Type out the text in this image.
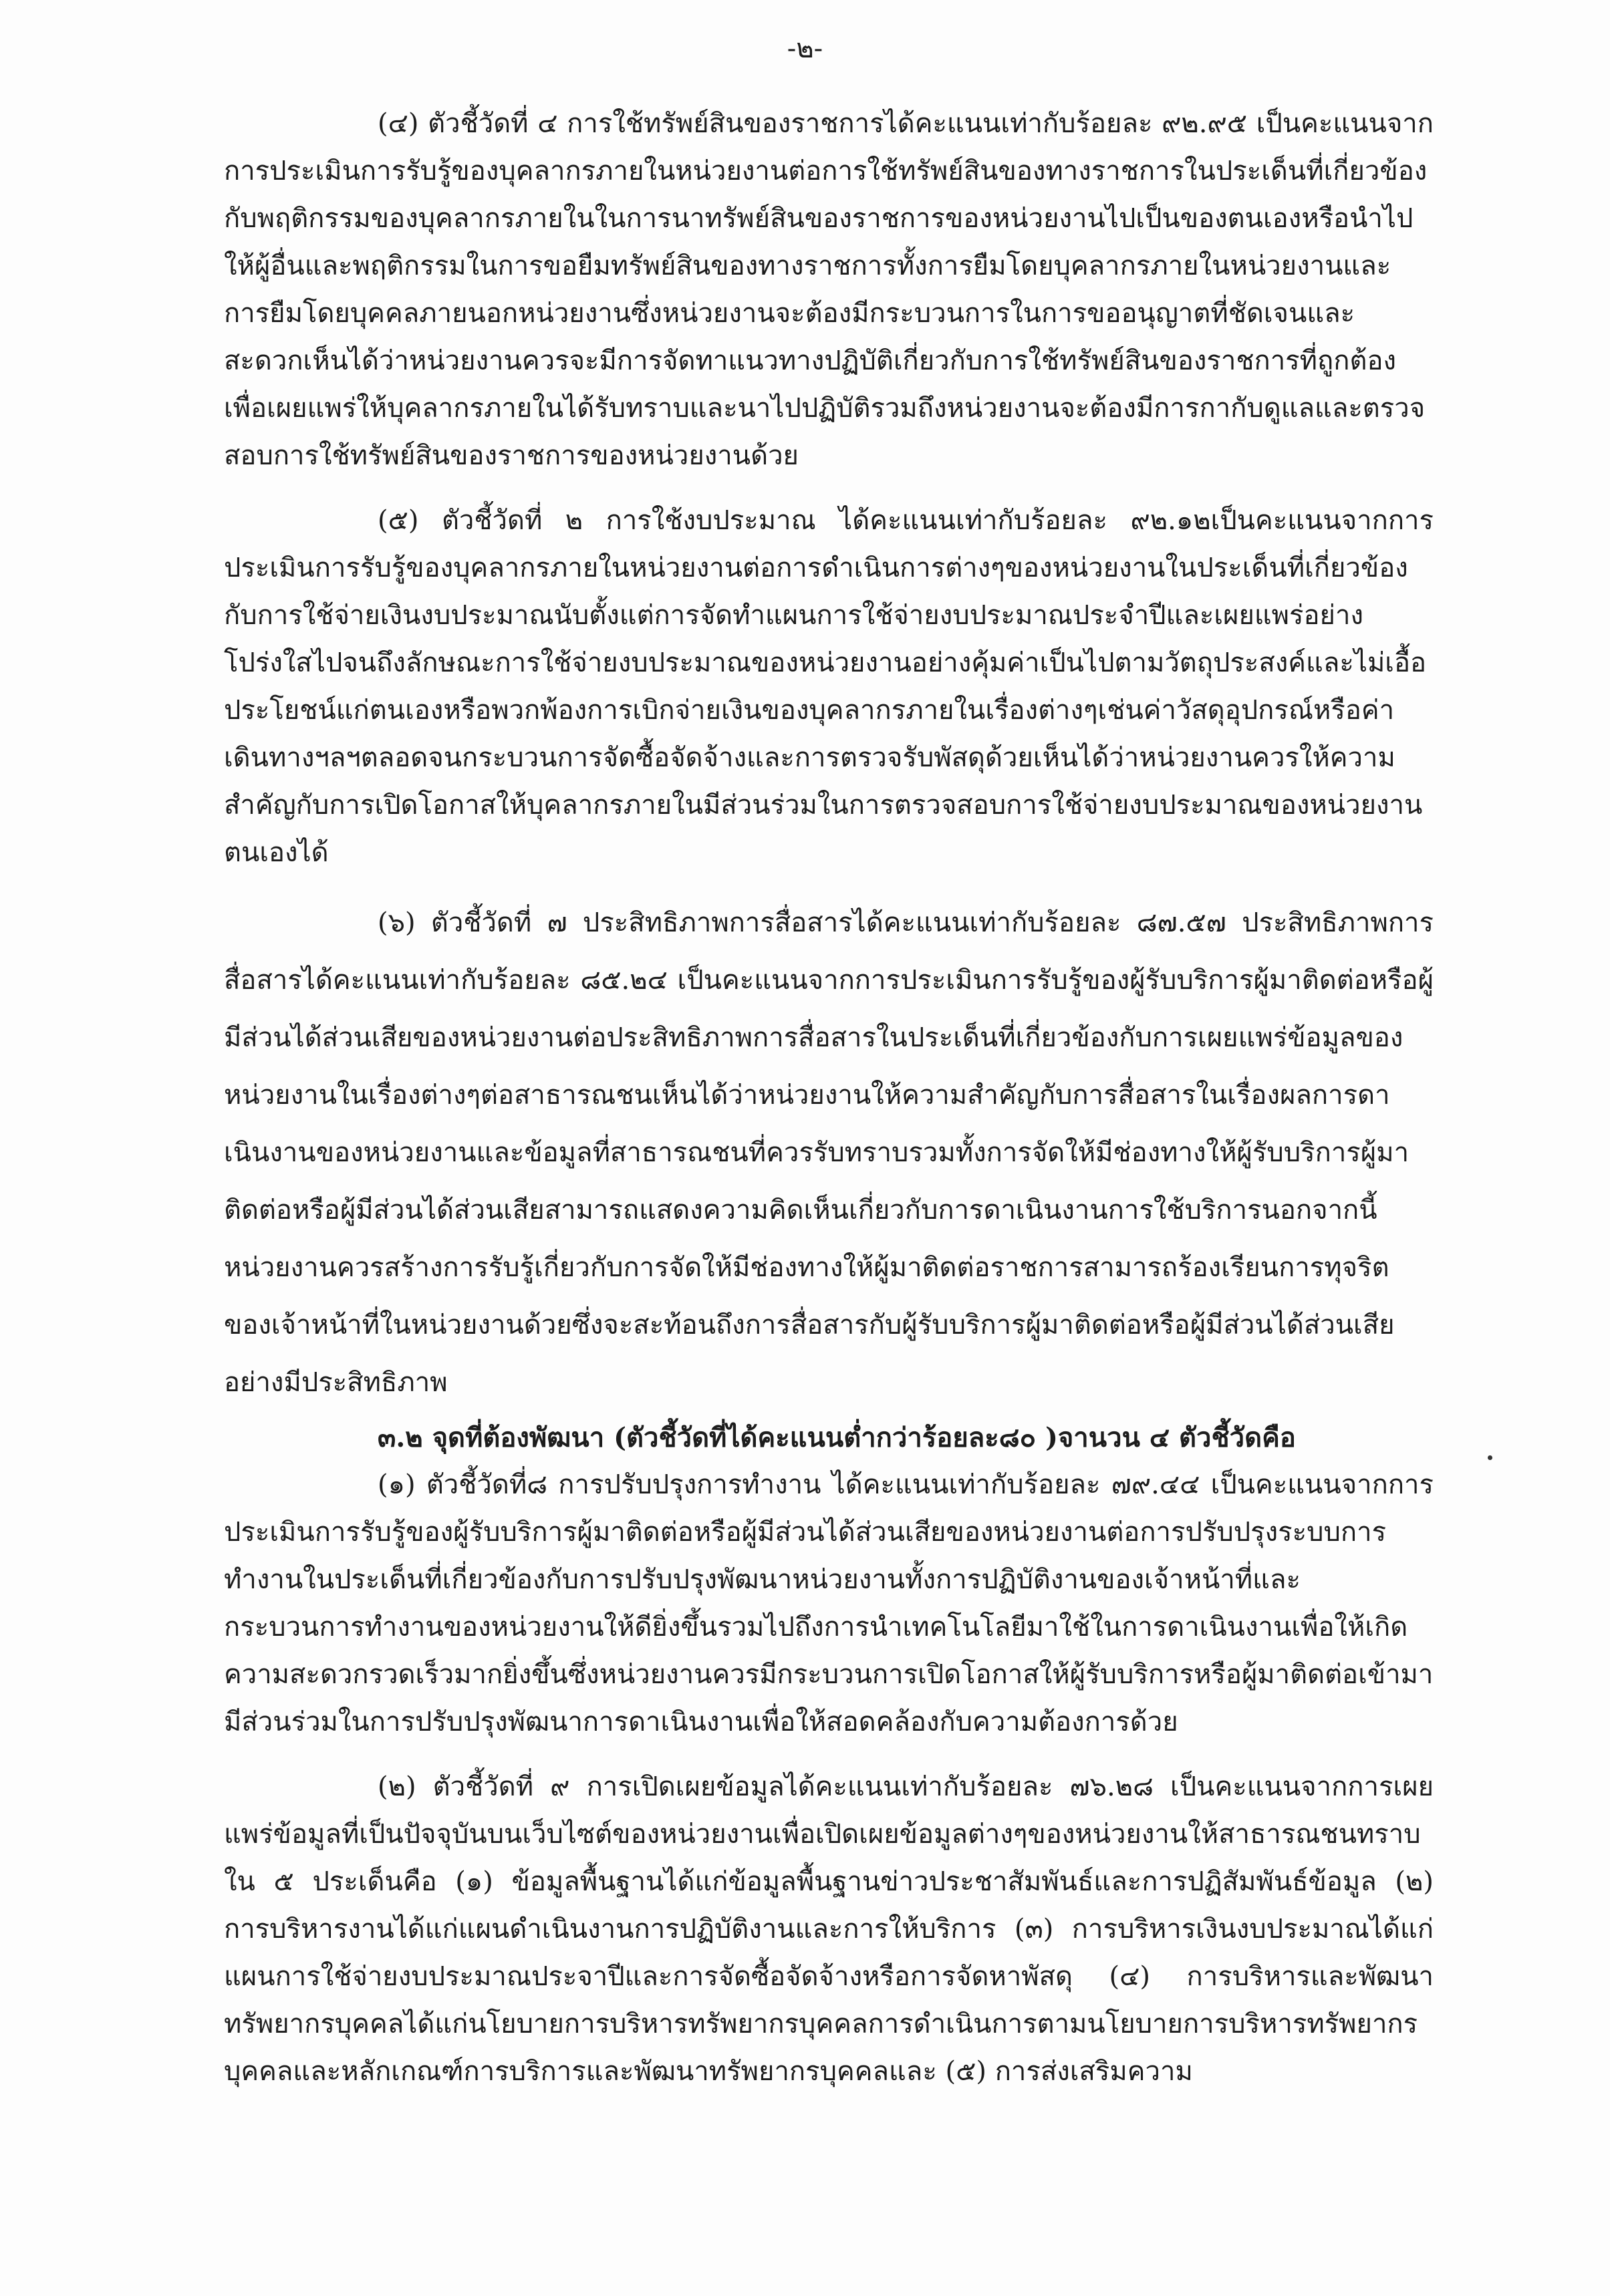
-๒-

(๔) ตัวชี้วัดที่ ๔ การใช้ทรัพย์สินของราชการได้คะแนนเท่ากับร้อยละ ๙๒.๙๕ เป็นคะแนนจากการประเมินการรับรู้ของบุคลากรภายในหน่วยงานต่อการใช้ทรัพย์สินของทางราชการในประเด็นที่เกี่ยวข้องกับพฤติกรรมของบุคลากรภายในในการนาทรัพย์สินของราชการของหน่วยงานไปเป็นของตนเองหรือนำไปให้ผู้อื่นและพฤติกรรมในการขอยืมทรัพย์สินของทางราชการทั้งการยืมโดยบุคลากรภายในหน่วยงานและการยืมโดยบุคคลภายนอกหน่วยงานซึ่งหน่วยงานจะต้องมีกระบวนการในการขออนุญาตที่ชัดเจนและสะดวกเห็นได้ว่าหน่วยงานควรจะมีการจัดทาแนวทางปฏิบัติเกี่ยวกับการใช้ทรัพย์สินของราชการที่ถูกต้องเพื่อเผยแพร่ให้บุคลากรภายในได้รับทราบและนาไปปฏิบัติรวมถึงหน่วยงานจะต้องมีการกากับดูแลและตรวจสอบการใช้ทรัพย์สินของราชการของหน่วยงานด้วย

(๕) ตัวชี้วัดที่ ๒ การใช้งบประมาณ ได้คะแนนเท่ากับร้อยละ ๙๒.๑๒เป็นคะแนนจากการประเมินการรับรู้ของบุคลากรภายในหน่วยงานต่อการดำเนินการต่างๆของหน่วยงานในประเด็นที่เกี่ยวข้องกับการใช้จ่ายเงินงบประมาณนับตั้งแต่การจัดทำแผนการใช้จ่ายงบประมาณประจำปีและเผยแพร่อย่างโปร่งใสไปจนถึงลักษณะการใช้จ่ายงบประมาณของหน่วยงานอย่างคุ้มค่าเป็นไปตามวัตถุประสงค์และไม่เอื้อประโยชน์แก่ตนเองหรือพวกพ้องการเบิกจ่ายเงินของบุคลากรภายในเรื่องต่างๆเช่นค่าวัสดุอุปกรณ์หรือค่าเดินทางฯลฯตลอดจนกระบวนการจัดซื้อจัดจ้างและการตรวจรับพัสดุด้วยเห็นได้ว่าหน่วยงานควรให้ความสำคัญกับการเปิดโอกาสให้บุคลากรภายในมีส่วนร่วมในการตรวจสอบการใช้จ่ายงบประมาณของหน่วยงานตนเองได้

(๖) ตัวชี้วัดที่ ๗ ประสิทธิภาพการสื่อสารได้คะแนนเท่ากับร้อยละ ๘๗.๕๗ ประสิทธิภาพการสื่อสารได้คะแนนเท่ากับร้อยละ ๘๕.๒๔ เป็นคะแนนจากการประเมินการรับรู้ของผู้รับบริการผู้มาติดต่อหรือผู้มีส่วนได้ส่วนเสียของหน่วยงานต่อประสิทธิภาพการสื่อสารในประเด็นที่เกี่ยวข้องกับการเผยแพร่ข้อมูลของหน่วยงานในเรื่องต่างๆต่อสาธารณชนเห็นได้ว่าหน่วยงานให้ความสำคัญกับการสื่อสารในเรื่องผลการดาเนินงานของหน่วยงานและข้อมูลที่สาธารณชนที่ควรรับทราบรวมทั้งการจัดให้มีช่องทางให้ผู้รับบริการผู้มาติดต่อหรือผู้มีส่วนได้ส่วนเสียสามารถแสดงความคิดเห็นเกี่ยวกับการดาเนินงานการใช้บริการนอกจากนี้หน่วยงานควรสร้างการรับรู้เกี่ยวกับการจัดให้มีช่องทางให้ผู้มาติดต่อราชการสามารถร้องเรียนการทุจริตของเจ้าหน้าที่ในหน่วยงานด้วยซึ่งจะสะท้อนถึงการสื่อสารกับผู้รับบริการผู้มาติดต่อหรือผู้มีส่วนได้ส่วนเสียอย่างมีประสิทธิภาพ

๓.๒ จุดที่ต้องพัฒนา (ตัวชี้วัดที่ได้คะแนนต่ำกว่าร้อยละ๘๐ )จานวน ๔ ตัวชี้วัดคือ

(๑) ตัวชี้วัดที่๘ การปรับปรุงการทำงาน ได้คะแนนเท่ากับร้อยละ ๗๙.๔๔ เป็นคะแนนจากการประเมินการรับรู้ของผู้รับบริการผู้มาติดต่อหรือผู้มีส่วนได้ส่วนเสียของหน่วยงานต่อการปรับปรุงระบบการทำงานในประเด็นที่เกี่ยวข้องกับการปรับปรุงพัฒนาหน่วยงานทั้งการปฏิบัติงานของเจ้าหน้าที่และกระบวนการทำงานของหน่วยงานให้ดียิ่งขึ้นรวมไปถึงการนำเทคโนโลยีมาใช้ในการดาเนินงานเพื่อให้เกิดความสะดวกรวดเร็วมากยิ่งขึ้นซึ่งหน่วยงานควรมีกระบวนการเปิดโอกาสให้ผู้รับบริการหรือผู้มาติดต่อเข้ามามีส่วนร่วมในการปรับปรุงพัฒนาการดาเนินงานเพื่อให้สอดคล้องกับความต้องการด้วย

(๒) ตัวชี้วัดที่ ๙ การเปิดเผยข้อมูลได้คะแนนเท่ากับร้อยละ ๗๖.๒๘ เป็นคะแนนจากการเผยแพร่ข้อมูลที่เป็นปัจจุบันบนเว็บไซต์ของหน่วยงานเพื่อเปิดเผยข้อมูลต่างๆของหน่วยงานให้สาธารณชนทราบใน ๕ ประเด็นคือ (๑) ข้อมูลพื้นฐานได้แก่ข้อมูลพื้นฐานข่าวประชาสัมพันธ์และการปฏิสัมพันธ์ข้อมูล (๒) การบริหารงานได้แก่แผนดำเนินงานการปฏิบัติงานและการให้บริการ (๓) การบริหารเงินงบประมาณได้แก่แผนการใช้จ่ายงบประมาณประจาปีและการจัดซื้อจัดจ้างหรือการจัดหาพัสดุ (๔) การบริหารและพัฒนาทรัพยากรบุคคลได้แก่นโยบายการบริหารทรัพยากรบุคคลการดำเนินการตามนโยบายการบริหารทรัพยากรบุคคลและหลักเกณฑ์การบริการและพัฒนาทรัพยากรบุคคลและ (๕) การส่งเสริมความ
